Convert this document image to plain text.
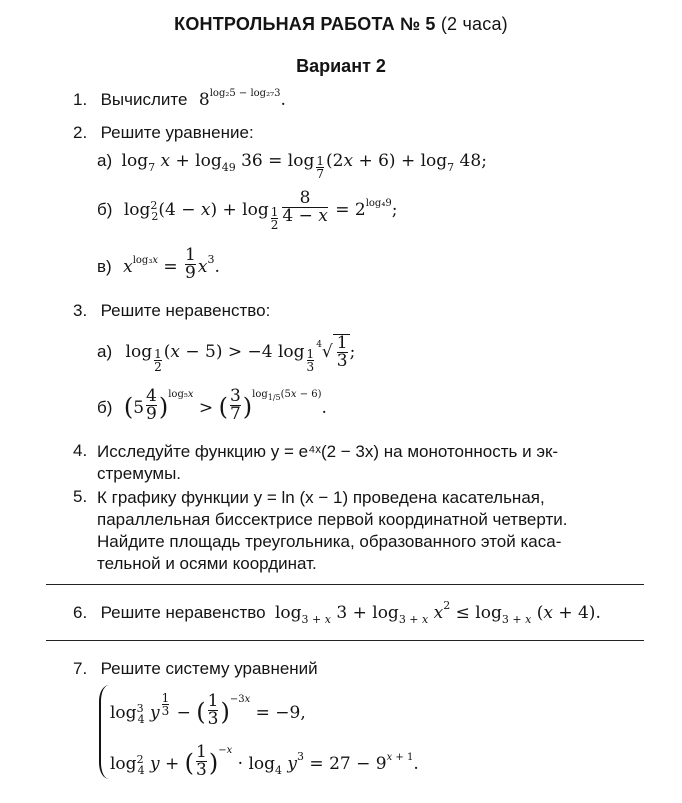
КОНТРОЛЬНАЯ РАБОТА № 5 (2 часа)
Вариант 2
1. Вычислите $8^{log_25 - log_{27}3}$.
2. Решите уравнение:
а) $\log_7 x + \log_{49} 36 = \log \frac{1}{7} (2x + 6) + \log_7 48$;
б) $\log^2_2(4 - x) + \log \frac{1}{2} \frac{8}{4 - x} = 2^{log_49}$;
в) $x^{log_3x} = \frac{1}{9} x^3$.
3. Решите неравенство:
а) $\log \frac{1}{2} (x - 5) > -4$ $\log \frac{1}{3}$
$^4√ \frac{1}{3}$ ;
б) $(5 \frac{4}{9} )^{log_5x}$ > ( $\frac{3}{7} )^{log_{1/5}(5x - 6)}$.
4. Исследуйте функцию y = e⁴ˣ(2 − 3x) на монотонность и эк-
стремумы.
5. К графику функции y = ln (x − 1) проведена касательная,
параллельная биссектрисе первой координатной четверти.
Найдите площадь треугольника, образованного этой каса-
тельной и осями координат.
6. Решите неравенство $\log_{3 + x} 3 + \log_{3 + x} x^2 \le \log_{3 + x} (x + 4)$.
7. Решите систему уравнений
$\log^3_4 y \frac{1}{3}$ − ( $\frac{1}{3} )^{-3x} = -9$,
$\log^2_4 y$ + ( $\frac{1}{3} )^{-x} \cdot \log_4 y^3 = 27 - 9^{x + 1}$.
